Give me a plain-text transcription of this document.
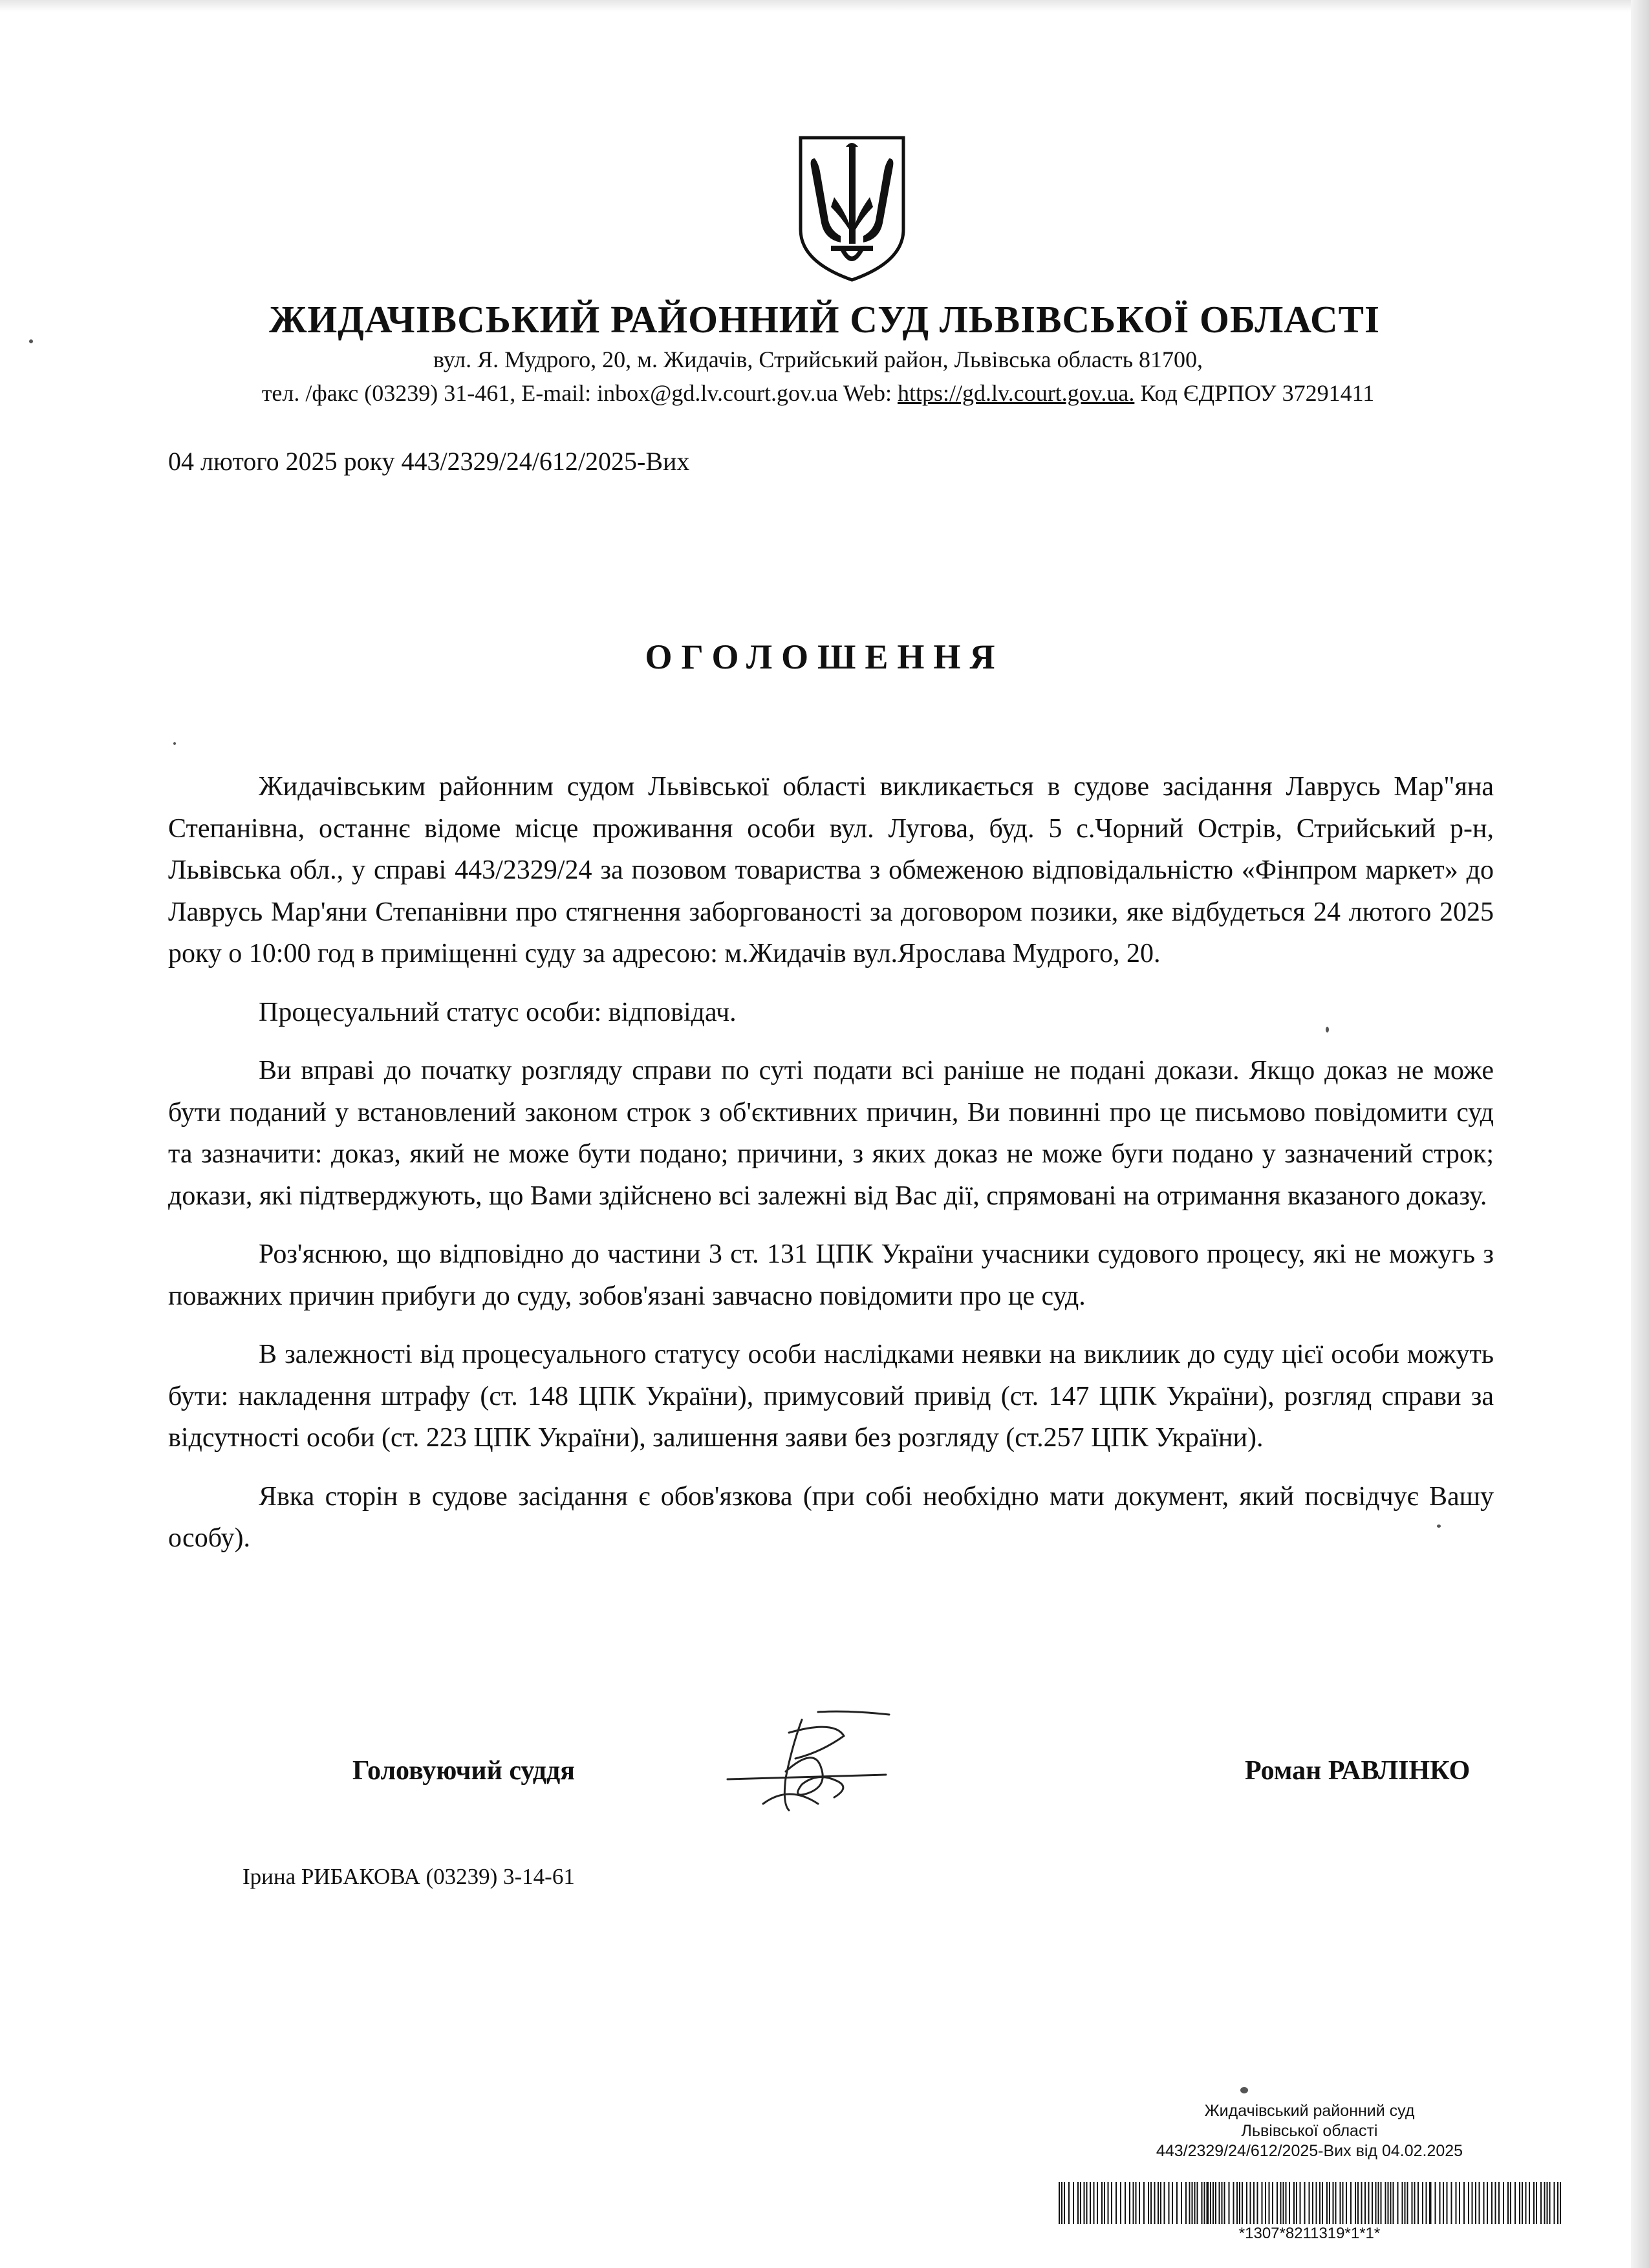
ЖИДАЧІВСЬКИЙ РАЙОННИЙ СУД ЛЬВІВСЬКОЇ ОБЛАСТІ
вул. Я. Мудрого, 20, м. Жидачів, Стрийський район, Львівська область 81700,
тел. /факс (03239) 31-461, E-mail: inbox@gd.lv.court.gov.ua Web: https://gd.lv.court.gov.ua. Код ЄДРПОУ 37291411
04 лютого 2025 року 443/2329/24/612/2025-Вих
ОГОЛОШЕННЯ

Жидачівським районним судом Львівської області викликається в судове засідання Лаврусь Мар"яна Степанівна, останнє відоме місце проживання особи вул. Лугова, буд. 5 с.Чорний Острів, Стрийський р-н, Львівська обл., у справі 443/2329/24 за позовом товариства з обмеженою відповідальністю «Фінпром маркет» до Лаврусь Мар'яни Степанівни про стягнення заборгованості за договором позики, яке відбудеться 24 лютого 2025 року о 10:00 год в приміщенні суду за адресою: м.Жидачів вул.Ярослава Мудрого, 20.

Процесуальний статус особи: відповідач.

Ви вправі до початку розгляду справи по суті подати всі раніше не подані докази. Якщо доказ не може бути поданий у встановлений законом строк з об'єктивних причин, Ви повинні про це письмово повідомити суд та зазначити: доказ, який не може бути подано; причини, з яких доказ не може буги подано у зазначений строк; докази, які підтверджують, що Вами здійснено всі залежні від Вас дії, спрямовані на отримання вказаного доказу.

Роз'яснюю, що відповідно до частини 3 ст. 131 ЦПК України учасники судового процесу, які не можугь з поважних причин прибуги до суду, зобов'язані завчасно повідомити про це суд.

В залежності від процесуального статусу особи наслідками неявки на виклиик до суду цієї особи можуть бути: накладення штрафу (ст. 148 ЦПК України), примусовий привід (ст. 147 ЦПК України), розгляд справи за відсутності особи (ст. 223 ЦПК України), залишення заяви без розгляду (ст.257 ЦПК України).

Явка сторін в судове засідання є обов'язкова (при собі необхідно мати документ, який посвідчує Вашу особу).

Головуючий суддя	Роман РАВЛІНКО
Ірина РИБАКОВА (03239) 3-14-61
Жидачівський районний суд
Львівської області
443/2329/24/612/2025-Вих від 04.02.2025
*1307*8211319*1*1*
